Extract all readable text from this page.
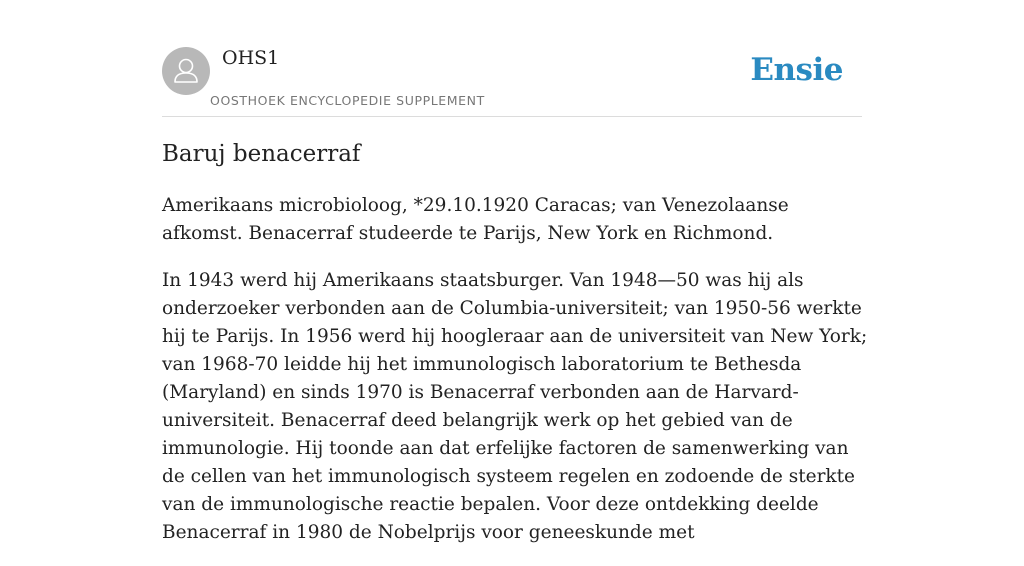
OHS1
OOSTHOEK ENCYCLOPEDIE SUPPLEMENT
Ensie
Baruj benacerraf

Amerikaans microbioloog, *29.10.1920 Caracas; van Venezolaanse afkomst. Benacerraf studeerde te Parijs, New York en Richmond.

In 1943 werd hij Amerikaans staatsburger. Van 1948—50 was hij als onderzoeker verbonden aan de Columbia-universiteit; van 1950-56 werkte hij te Parijs. In 1956 werd hij hoogleraar aan de universiteit van New York; van 1968-70 leidde hij het immunologisch laboratorium te Bethesda (Maryland) en sinds 1970 is Benacerraf verbonden aan de Harvard-universiteit. Benacerraf deed belangrijk werk op het gebied van de immunologie. Hij toonde aan dat erfelijke factoren de samenwerking van de cellen van het immunologisch systeem regelen en zodoende de sterkte van de immunologische reactie bepalen. Voor deze ontdekking deelde Benacerraf in 1980 de Nobelprijs voor geneeskunde met
